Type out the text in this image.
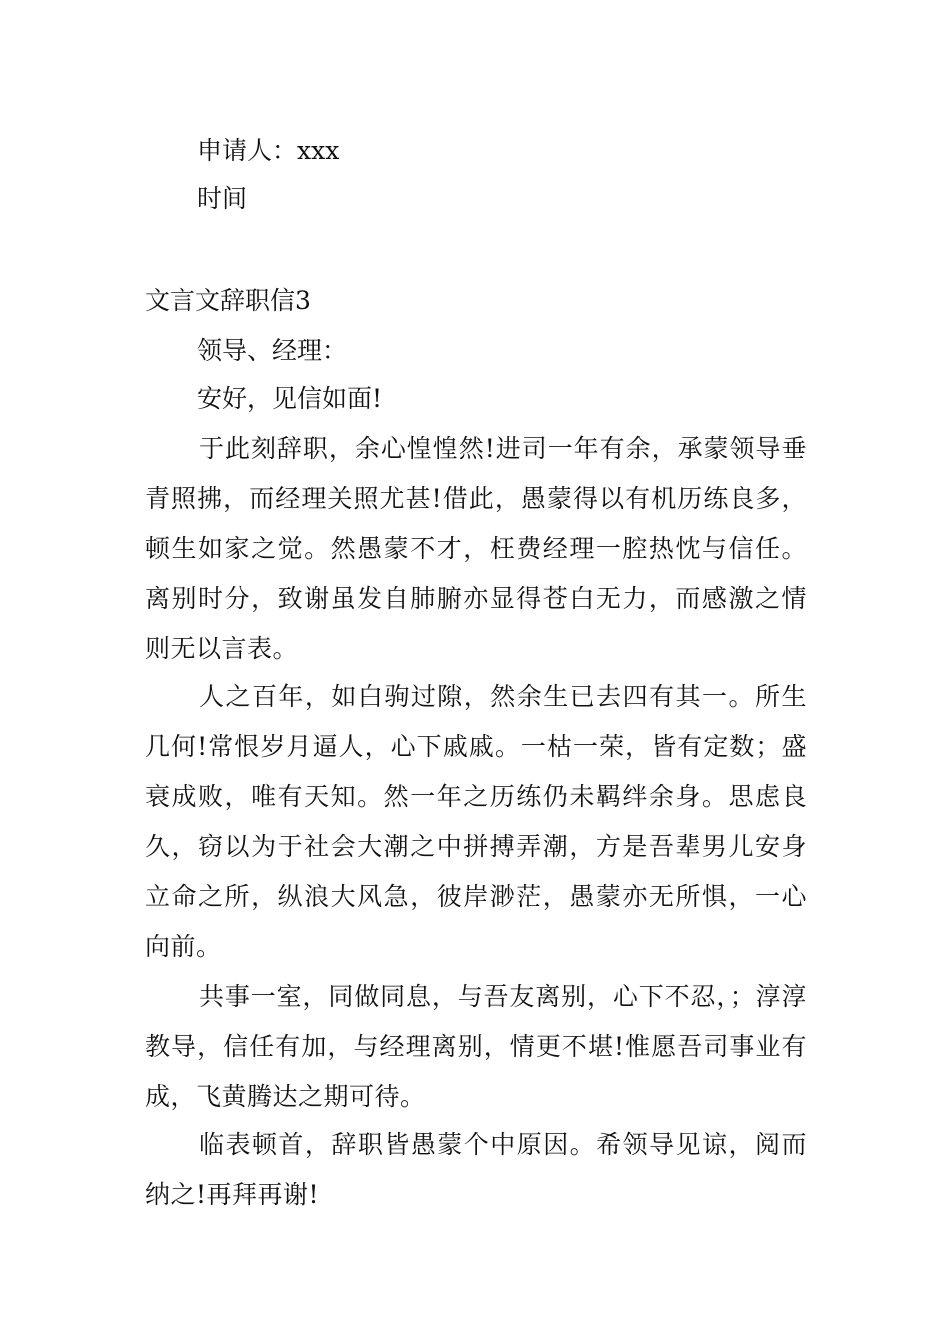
申请人：xxx

时间

文言文辞职信3

领导、经理：

安好，见信如面!

于此刻辞职，余心惶惶然!进司一年有余，承蒙领导垂青照拂，而经理关照尤甚!借此，愚蒙得以有机历练良多，顿生如家之觉。然愚蒙不才，枉费经理一腔热忱与信任。离别时分，致谢虽发自肺腑亦显得苍白无力，而感激之情则无以言表。

人之百年，如白驹过隙，然余生已去四有其一。所生几何!常恨岁月逼人，心下戚戚。一枯一荣，皆有定数；盛衰成败，唯有天知。然一年之历练仍未羁绊余身。思虑良久，窃以为于社会大潮之中拼搏弄潮，方是吾辈男儿安身立命之所，纵浪大风急，彼岸渺茫，愚蒙亦无所惧，一心向前。

共事一室，同做同息，与吾友离别，心下不忍，；淳淳教导，信任有加，与经理离别，情更不堪!惟愿吾司事业有成，飞黄腾达之期可待。

临表顿首，辞职皆愚蒙个中原因。希领导见谅，阅而纳之!再拜再谢!
